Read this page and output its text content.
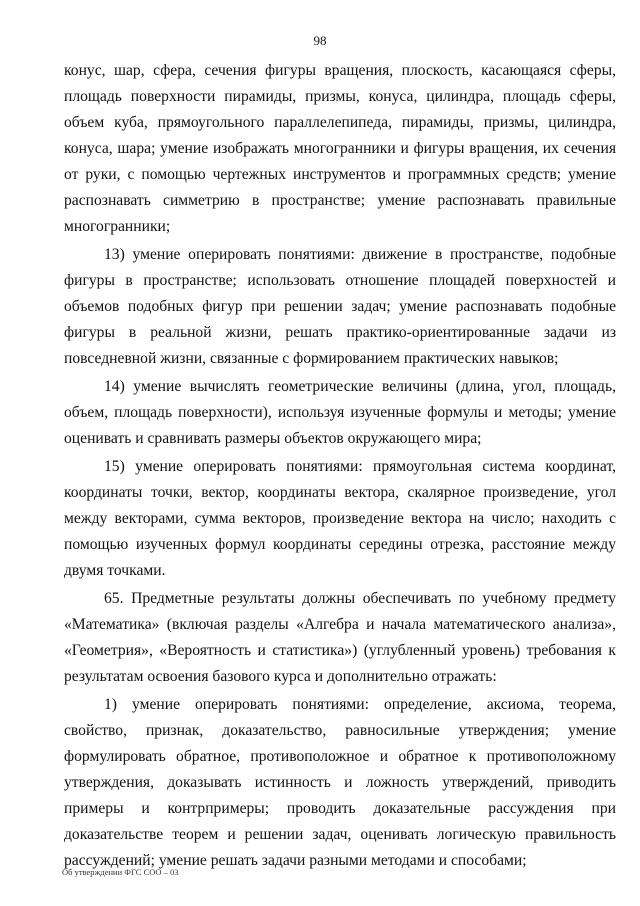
98

конус, шар, сфера, сечения фигуры вращения, плоскость, касающаяся сферы, площадь поверхности пирамиды, призмы, конуса, цилиндра, площадь сферы, объем куба, прямоугольного параллелепипеда, пирамиды, призмы, цилиндра, конуса, шара; умение изображать многогранники и фигуры вращения, их сечения от руки, с помощью чертежных инструментов и программных средств; умение распознавать симметрию в пространстве; умение распознавать правильные многогранники;

13) умение оперировать понятиями: движение в пространстве, подобные фигуры в пространстве; использовать отношение площадей поверхностей и объемов подобных фигур при решении задач; умение распознавать подобные фигуры в реальной жизни, решать практико-ориентированные задачи из повседневной жизни, связанные с формированием практических навыков;

14) умение вычислять геометрические величины (длина, угол, площадь, объем, площадь поверхности), используя изученные формулы и методы; умение оценивать и сравнивать размеры объектов окружающего мира;

15) умение оперировать понятиями: прямоугольная система координат, координаты точки, вектор, координаты вектора, скалярное произведение, угол между векторами, сумма векторов, произведение вектора на число; находить с помощью изученных формул координаты середины отрезка, расстояние между двумя точками.

65. Предметные результаты должны обеспечивать по учебному предмету «Математика» (включая разделы «Алгебра и начала математического анализа», «Геометрия», «Вероятность и статистика») (углубленный уровень) требования к результатам освоения базового курса и дополнительно отражать:

1) умение оперировать понятиями: определение, аксиома, теорема, свойство, признак, доказательство, равносильные утверждения; умение формулировать обратное, противоположное и обратное к противоположному утверждения, доказывать истинность и ложность утверждений, приводить примеры и контрпримеры; проводить доказательные рассуждения при доказательстве теорем и решении задач, оценивать логическую правильность рассуждений; умение решать задачи разными методами и способами;

Об утверждении ФГС СОО – 03
